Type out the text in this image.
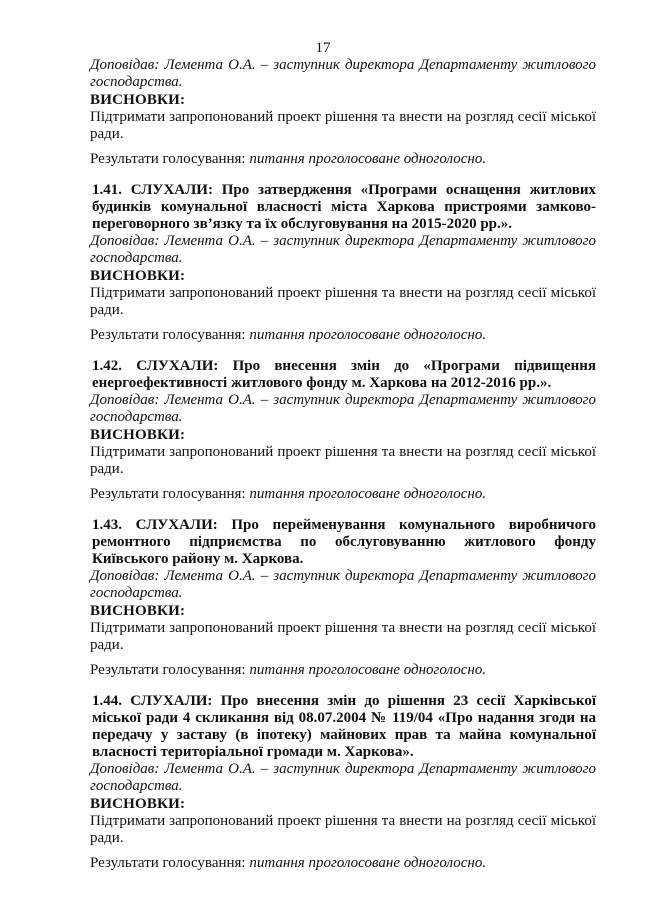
17

Доповідав: Лемента О.А. – заступник директора Департаменту житлового господарства.

ВИСНОВКИ:

Підтримати запропонований проект рішення та внести на розгляд сесії міської ради.

Результати голосування: питання проголосоване одноголосно.

1.41. СЛУХАЛИ: Про затвердження «Програми оснащення житлових будинків комунальної власності міста Харкова пристроями замково-переговорного зв’язку та їх обслуговування на 2015-2020 рр.».

Доповідав: Лемента О.А. – заступник директора Департаменту житлового господарства.

ВИСНОВКИ:

Підтримати запропонований проект рішення та внести на розгляд сесії міської ради.

Результати голосування: питання проголосоване одноголосно.

1.42. СЛУХАЛИ: Про внесення змін до «Програми підвищення енергоефективності житлового фонду м. Харкова на 2012-2016 рр.».

Доповідав: Лемента О.А. – заступник директора Департаменту житлового господарства.

ВИСНОВКИ:

Підтримати запропонований проект рішення та внести на розгляд сесії міської ради.

Результати голосування: питання проголосоване одноголосно.

1.43. СЛУХАЛИ: Про перейменування комунального виробничого ремонтного підприємства по обслуговуванню житлового фонду Київського району м. Харкова.

Доповідав: Лемента О.А. – заступник директора Департаменту житлового господарства.

ВИСНОВКИ:

Підтримати запропонований проект рішення та внести на розгляд сесії міської ради.

Результати голосування: питання проголосоване одноголосно.

1.44. СЛУХАЛИ: Про внесення змін до рішення 23 сесії Харківської міської ради 4 скликання від 08.07.2004 № 119/04 «Про надання згоди на передачу у заставу (в іпотеку) майнових прав та майна комунальної власності територіальної громади м. Харкова».

Доповідав: Лемента О.А. – заступник директора Департаменту житлового господарства.

ВИСНОВКИ:

Підтримати запропонований проект рішення та внести на розгляд сесії міської ради.

Результати голосування: питання проголосоване одноголосно.
